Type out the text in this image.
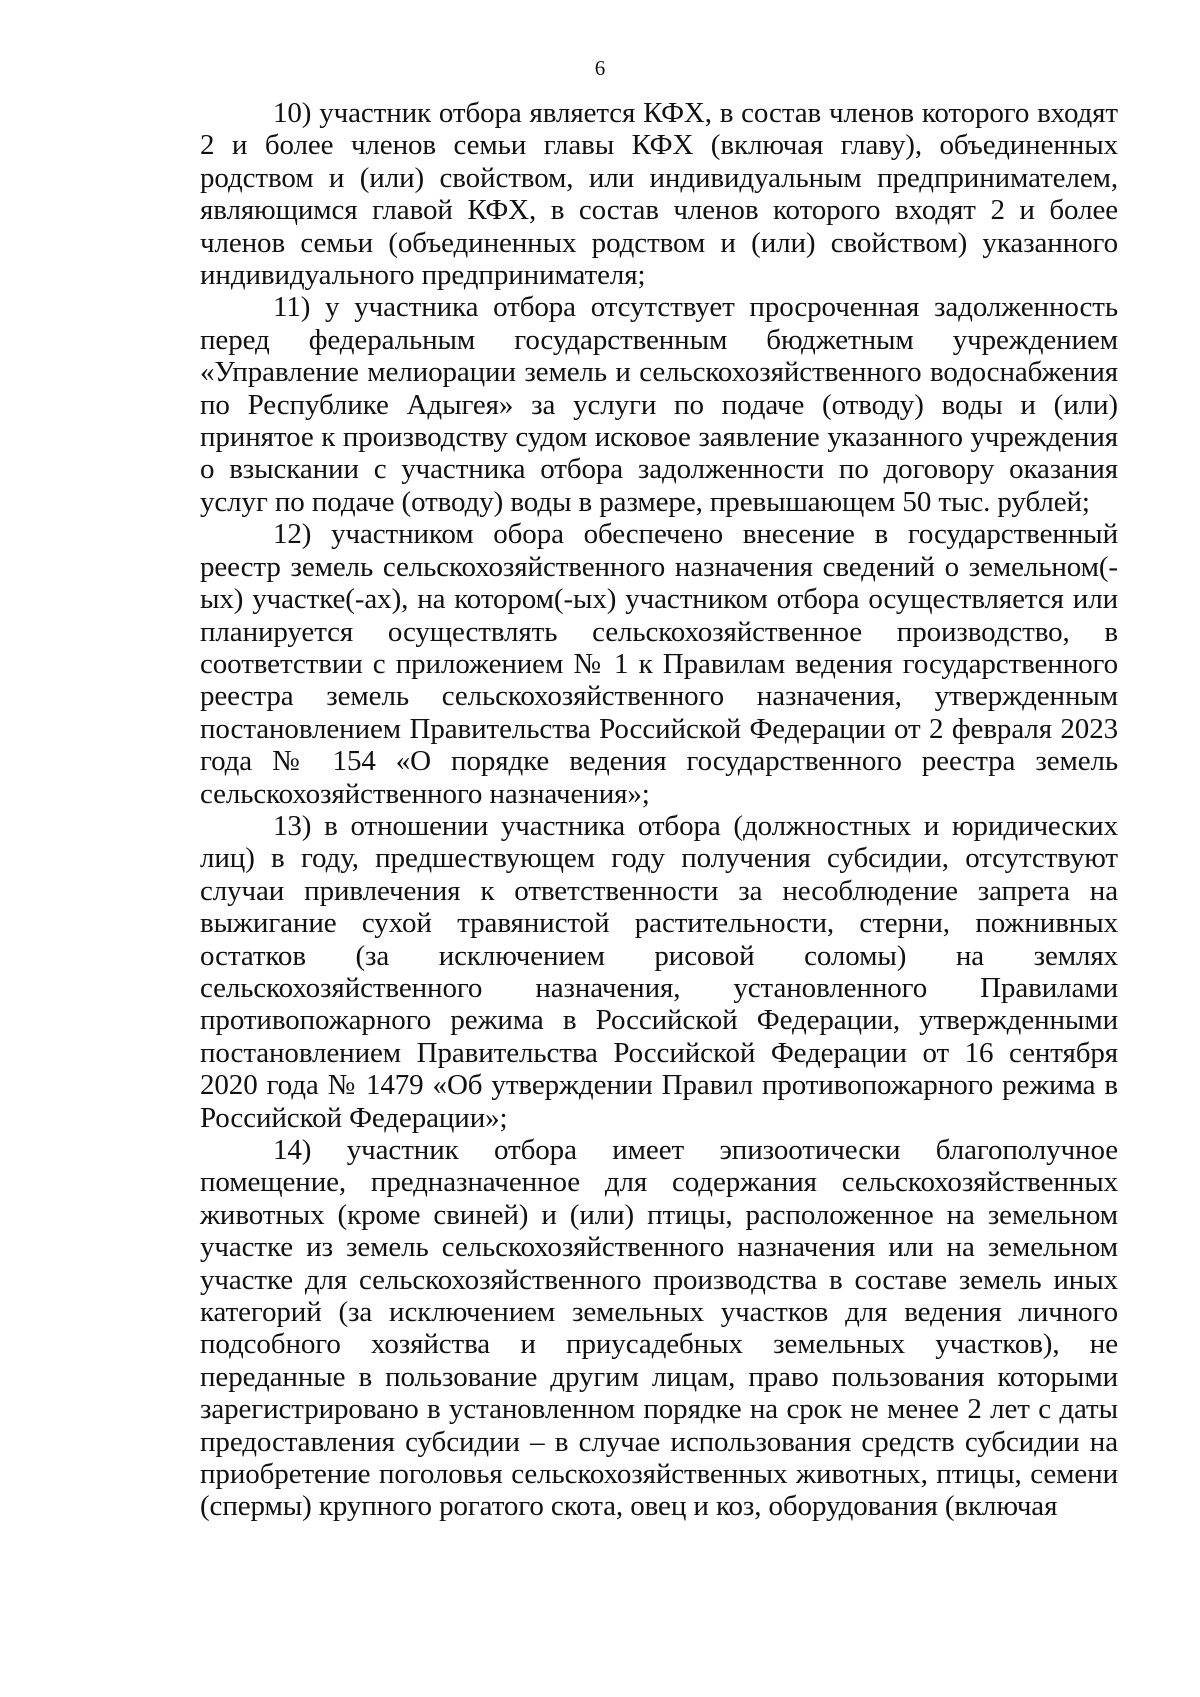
6

10) участник отбора является КФХ, в состав членов которого входят 2 и более членов семьи главы КФХ (включая главу), объединенных родством и (или) свойством, или индивидуальным предпринимателем, являющимся главой КФХ, в состав членов которого входят 2 и более членов семьи (объединенных родством и (или) свойством) указанного индивидуального предпринимателя;

11) у участника отбора отсутствует просроченная задолженность перед федеральным государственным бюджетным учреждением «Управление мелиорации земель и сельскохозяйственного водоснабжения по Республике Адыгея» за услуги по подаче (отводу) воды и (или) принятое к производству судом исковое заявление указанного учреждения о взыскании с участника отбора задолженности по договору оказания услуг по подаче (отводу) воды в размере, превышающем 50 тыс. рублей;

12) участником обора обеспечено внесение в государственный реестр земель сельскохозяйственного назначения сведений о земельном(-ых) участке(-ах), на котором(-ых) участником отбора осуществляется или планируется осуществлять сельскохозяйственное производство, в соответствии с приложением № 1 к Правилам ведения государственного реестра земель сельскохозяйственного назначения, утвержденным постановлением Правительства Российской Федерации от 2 февраля 2023 года № 154 «О порядке ведения государственного реестра земель сельскохозяйственного назначения»;

13) в отношении участника отбора (должностных и юридических лиц) в году, предшествующем году получения субсидии, отсутствуют случаи привлечения к ответственности за несоблюдение запрета на выжигание сухой травянистой растительности, стерни, пожнивных остатков (за исключением рисовой соломы) на землях сельскохозяйственного назначения, установленного Правилами противопожарного режима в Российской Федерации, утвержденными постановлением Правительства Российской Федерации от 16 сентября 2020 года № 1479 «Об утверждении Правил противопожарного режима в Российской Федерации»;

14) участник отбора имеет эпизоотически благополучное помещение, предназначенное для содержания сельскохозяйственных животных (кроме свиней) и (или) птицы, расположенное на земельном участке из земель сельскохозяйственного назначения или на земельном участке для сельскохозяйственного производства в составе земель иных категорий (за исключением земельных участков для ведения личного подсобного хозяйства и приусадебных земельных участков), не переданные в пользование другим лицам, право пользования которыми зарегистрировано в установленном порядке на срок не менее 2 лет с даты предоставления субсидии – в случае использования средств субсидии на приобретение поголовья сельскохозяйственных животных, птицы, семени (спермы) крупного рогатого скота, овец и коз, оборудования (включая
